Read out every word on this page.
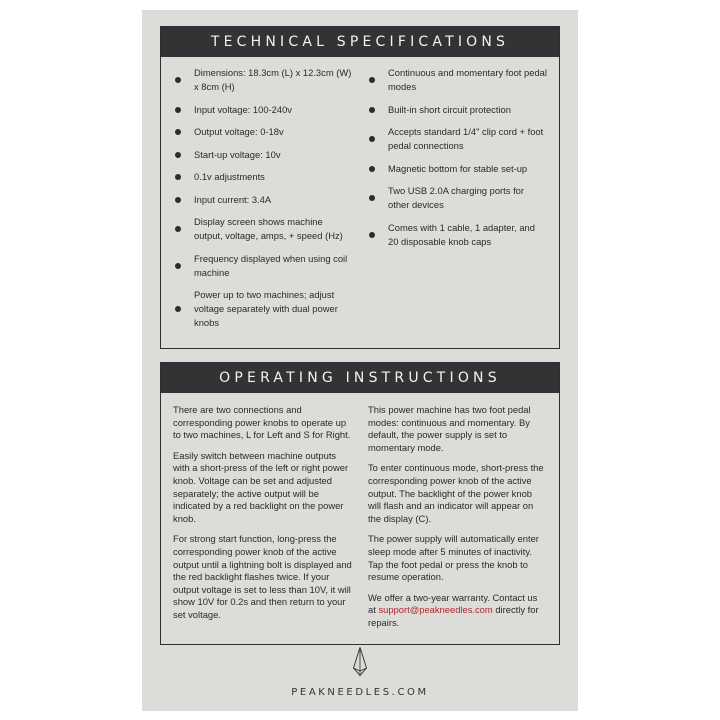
TECHNICAL SPECIFICATIONS
Dimensions: 18.3cm (L) x 12.3cm (W) x 8cm (H)
Input voltage: 100-240v
Output voltage: 0-18v
Start-up voltage: 10v
0.1v adjustments
Input current: 3.4A
Display screen shows machine output, voltage, amps, + speed (Hz)
Frequency displayed when using coil machine
Power up to two machines; adjust voltage separately with dual power knobs
Continuous and momentary foot pedal modes
Built-in short circuit protection
Accepts standard 1/4" clip cord + foot pedal connections
Magnetic bottom for stable set-up
Two USB 2.0A charging ports for other devices
Comes with 1 cable, 1 adapter, and 20 disposable knob caps
OPERATING INSTRUCTIONS

There are two connections and corresponding power knobs to operate up to two machines, L for Left and S for Right.

Easily switch between machine outputs with a short-press of the left or right power knob. Voltage can be set and adjusted separately; the active output will be indicated by a red backlight on the power knob.

For strong start function, long-press the corresponding power knob of the active output until a lightning bolt is displayed and the red backlight flashes twice. If your output voltage is set to less than 10V, it will show 10V for 0.2s and then return to your set voltage.

This power machine has two foot pedal modes: continuous and momentary. By default, the power supply is set to momentary mode.

To enter continuous mode, short-press the corresponding power knob of the active output. The backlight of the power knob will flash and an indicator will appear on the display (C).

The power supply will automatically enter sleep mode after 5 minutes of inactivity. Tap the foot pedal or press the knob to resume operation.

We offer a two-year warranty. Contact us at support@peakneedles.com directly for repairs.

PEAKNEEDLES.COM
